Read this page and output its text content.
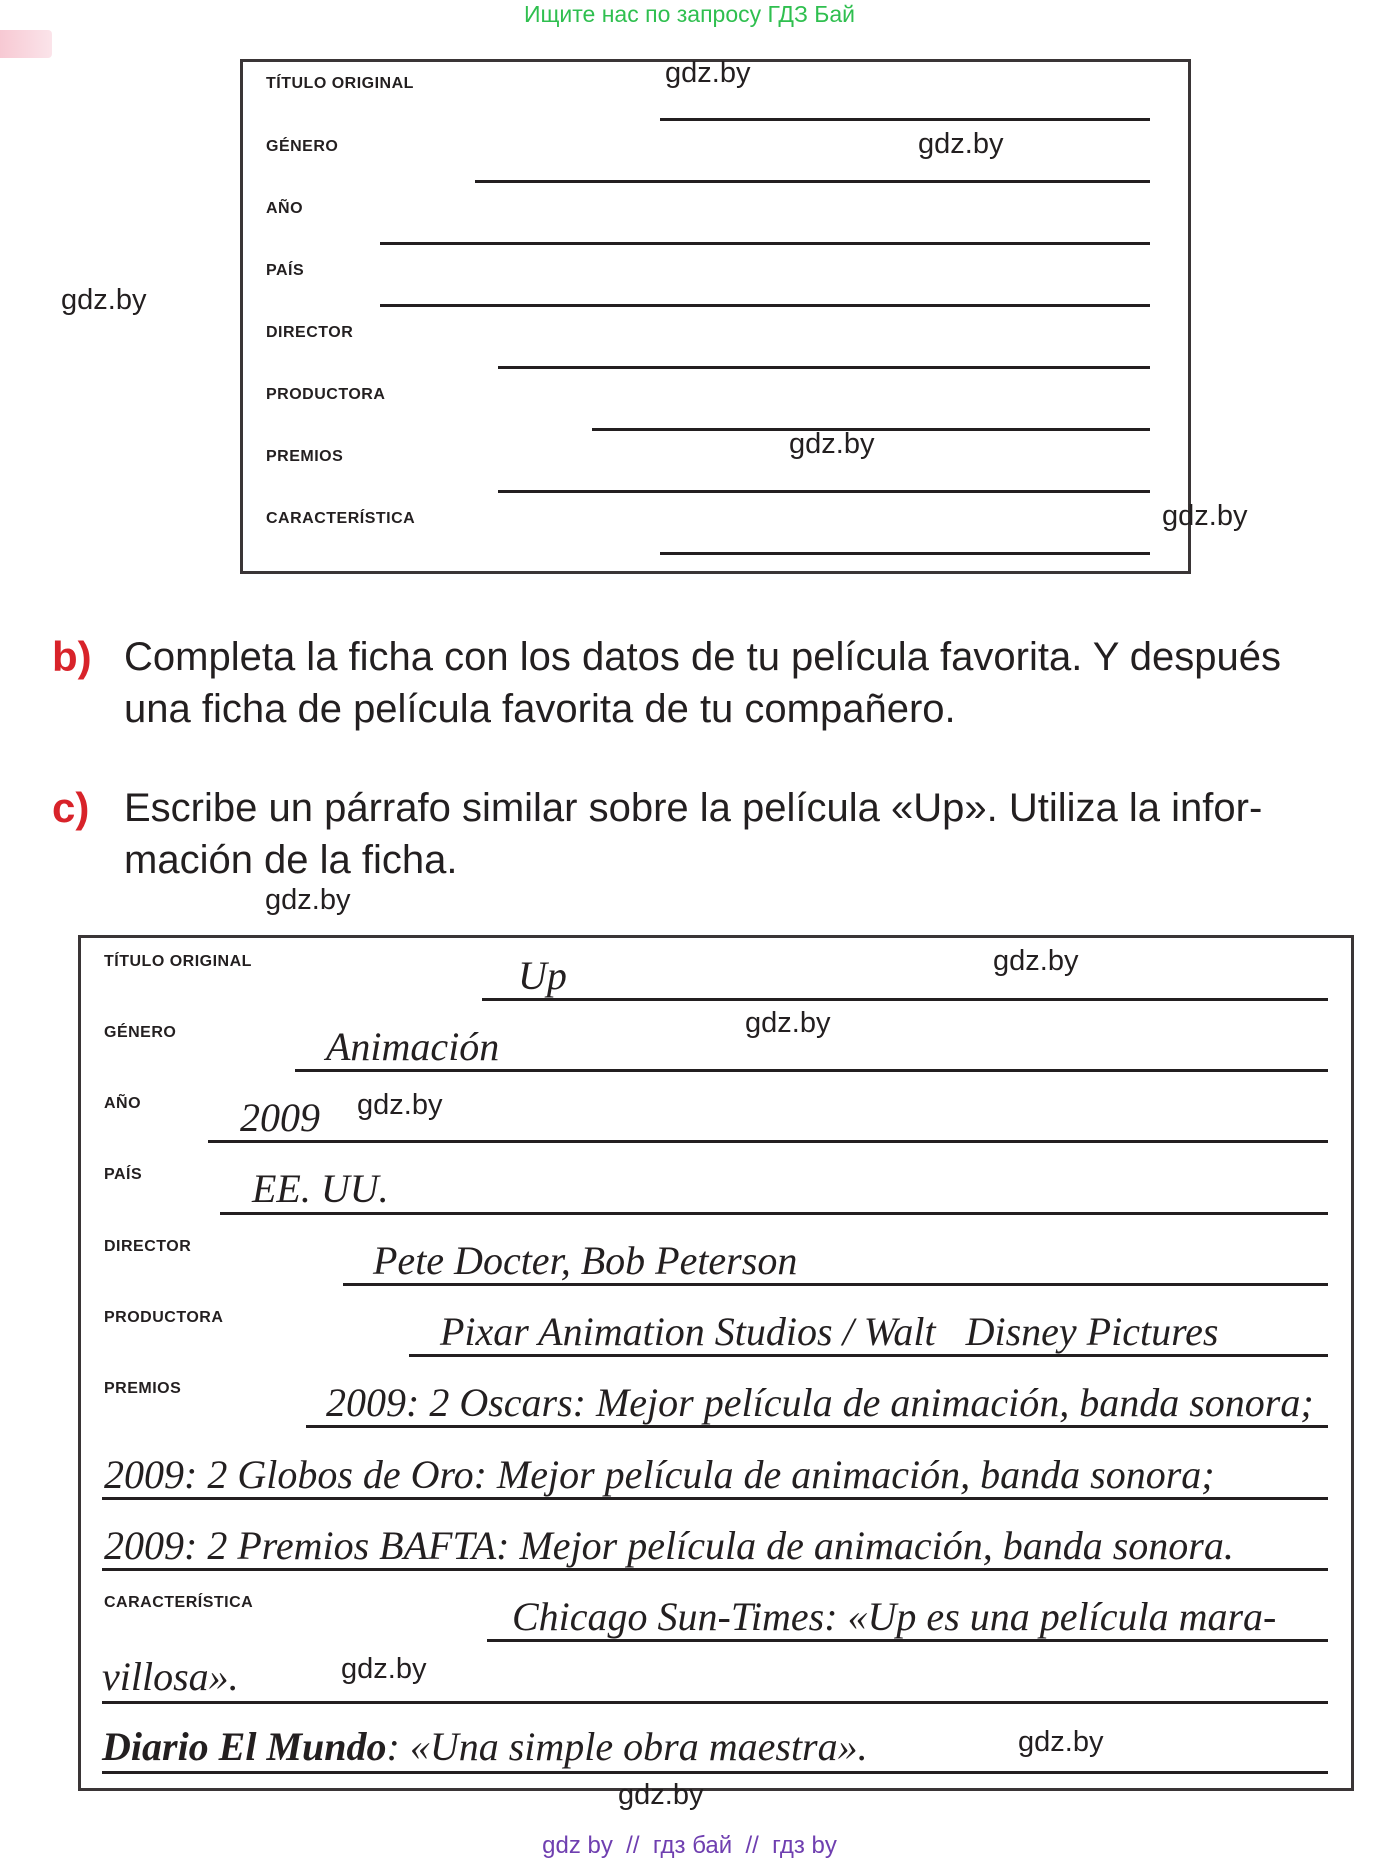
Ищите нас по запросу ГДЗ Бай
TÍTULO ORIGINAL
GÉNERO
AÑO
PAÍS
DIRECTOR
PRODUCTORA
PREMIOS
CARACTERÍSTICA
b) Completa la ficha con los datos de tu película favorita. Y después
una ficha de película favorita de tu compañero.
c) Escribe un párrafo similar sobre la película «Up». Utiliza la infor-
mación de la ficha.
TÍTULO ORIGINAL	Up
GÉNERO	Animación
AÑO 2009
PAÍS	EE. UU.
DIRECTOR	Pete Docter, Bob Peterson
PRODUCTORA	Pixar Animation Studios / Walt   Disney Pictures
PREMIOS	2009: 2 Oscars: Mejor película de animación, banda sonora;
2009: 2 Globos de Oro: Mejor película de animación, banda sonora;
2009: 2 Premios BAFTA: Mejor película de animación, banda sonora.
CARACTERÍSTICA	Chicago Sun-Times: «Up es una película mara-
villosa».
Diario El Mundo: «Una simple obra maestra».
gdz.by
gdz.by
gdz.by
gdz.by
gdz.by
gdz.by
gdz.by
gdz.by
gdz.by
gdz.by
gdz.by
gdz.by
gdz by  //  гдз бай  //  гдз by
